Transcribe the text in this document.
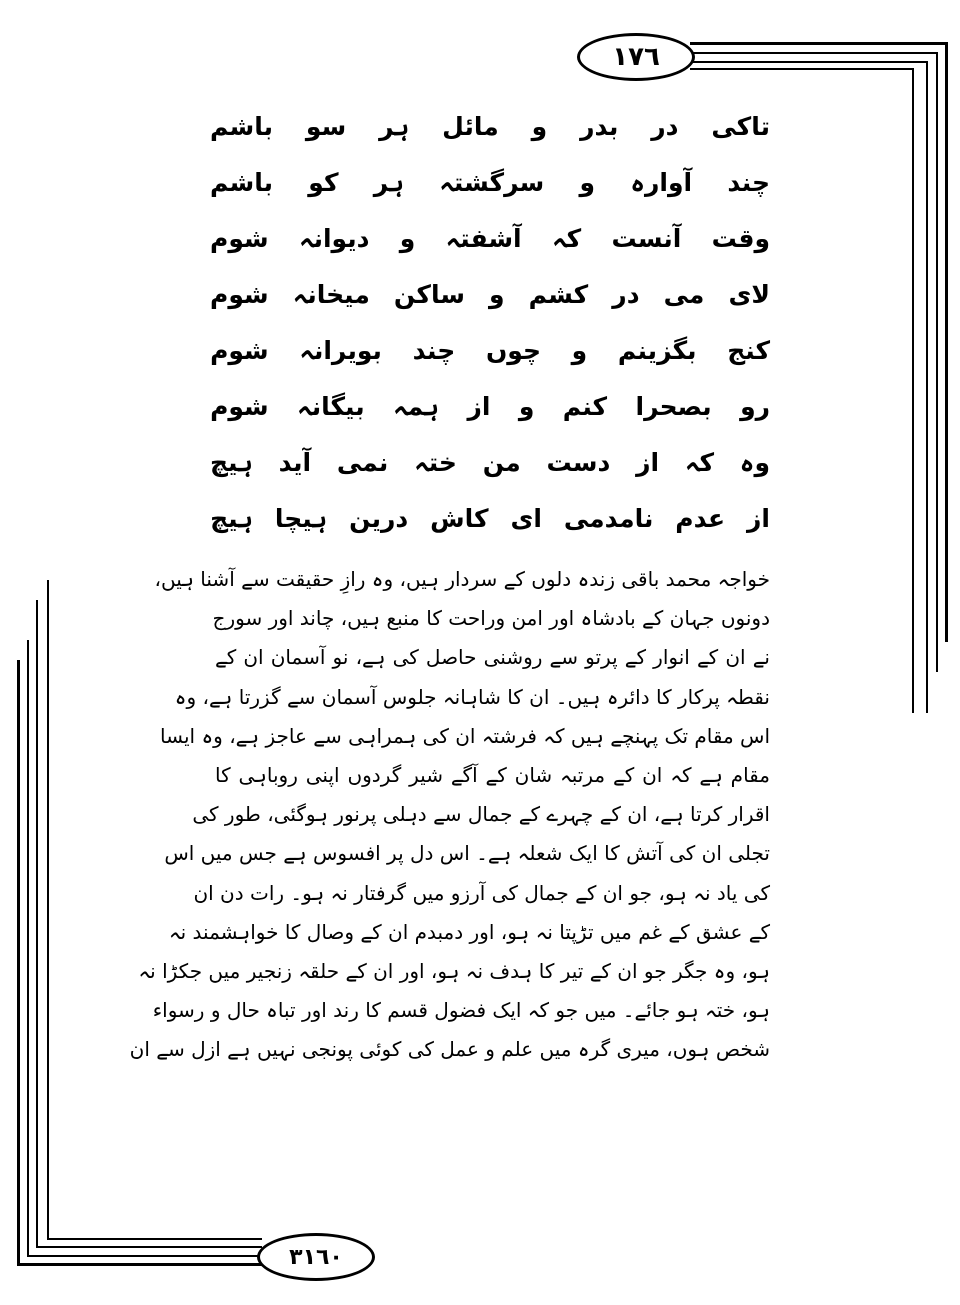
۱۷٦
۳۱٦۰
تاکی
در
بدر
و
مائل
ہر
سو
باشم
چند
آوارہ
و
سرگشتہ
ہر
کو
باشم
وقت
آنست
کہ
آشفتہ
و
دیوانہ
شوم
لای
می
در
کشم
و
ساکن
میخانہ
شوم
کنج
بگزینم
و
چوں
چند
بویرانہ
شوم
رو
بصحرا
کنم
و
از
ہمہ
بیگانہ
شوم
وہ
کہ
از
دست
من
ختہ
نمی
آید
ہیچ
از
عدم
نامدمی
ای
کاش
درین
ہیچا
ہیچ
خواجہ محمد باقی زندہ دلوں کے سردار ہیں، وہ رازِ حقیقت سے آشنا ہیں،
دونوں جہان کے بادشاہ اور امن وراحت کا منبع ہیں، چاند اور سورج
نے ان کے انوار کے پرتو سے روشنی حاصل کی ہے، نو آسمان ان کے
نقطہ پرکار کا دائرہ ہیں۔ ان کا شاہانہ جلوس آسمان سے گزرتا ہے، وہ
اس مقام تک پہنچے ہیں کہ فرشتہ ان کی ہمراہی سے عاجز ہے، وہ ایسا
مقام ہے کہ ان کے مرتبہ شان کے آگے شیر گردوں اپنی روباہی کا
اقرار کرتا ہے، ان کے چہرے کے جمال سے دہلی پرنور ہوگئی، طور کی
تجلی ان کی آتش کا ایک شعلہ ہے۔ اس دل پر افسوس ہے جس میں اس
کی یاد نہ ہو، جو ان کے جمال کی آرزو میں گرفتار نہ ہو۔ رات دن ان
کے عشق کے غم میں تڑپتا نہ ہو، اور دمبدم ان کے وصال کا خواہشمند نہ
ہو، وہ جگر جو ان کے تیر کا ہدف نہ ہو، اور ان کے حلقہ زنجیر میں جکڑا نہ
ہو، ختہ ہو جائے۔ میں جو کہ ایک فضول قسم کا رند اور تباہ حال و رسواء
شخص ہوں، میری گرہ میں علم و عمل کی کوئی پونجی نہیں ہے ازل سے ان
